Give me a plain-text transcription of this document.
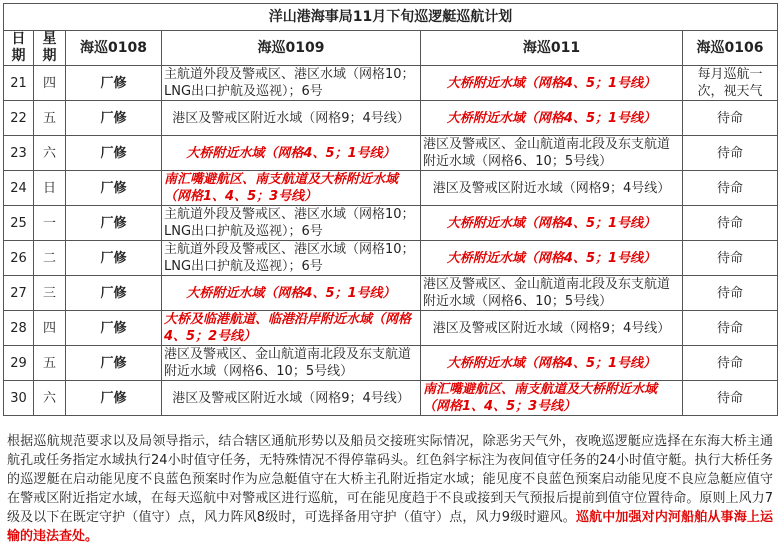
洋山港海事局11月下旬巡逻艇巡航计划					
日期	星期	海巡0108	海巡0109	海巡011	海巡0106
21	四	厂修	主航道外段及警戒区、港区水域（网格10；LNG出口护航及巡视）；6号	大桥附近水域（网格4、5；1号线）	每月巡航一次，视天气
22	五	厂修	港区及警戒区附近水域（网格9；4号线）	大桥附近水域（网格4、5；1号线）	待命
23	六	厂修	大桥附近水域（网格4、5；1号线）	港区及警戒区、金山航道南北段及东支航道附近水域（网格6、10；5号线）	待命
24	日	厂修	南汇嘴避航区、南支航道及大桥附近水域（网格1、4、5；3号线）	港区及警戒区附近水域（网格9；4号线）	待命
25	一	厂修	主航道外段及警戒区、港区水域（网格10；LNG出口护航及巡视）；6号	大桥附近水域（网格4、5；1号线）	待命
26	二	厂修	主航道外段及警戒区、港区水域（网格10；LNG出口护航及巡视）；6号	大桥附近水域（网格4、5；1号线）	待命
27	三	厂修	大桥附近水域（网格4、5；1号线）	港区及警戒区、金山航道南北段及东支航道附近水域（网格6、10；5号线）	待命
28	四	厂修	大桥及临港航道、临港沿岸附近水域（网格4、5；2号线）	港区及警戒区附近水域（网格9；4号线）	待命
29	五	厂修	港区及警戒区、金山航道南北段及东支航道附近水域（网格6、10；5号线）	大桥附近水域（网格4、5；1号线）	待命
30	六	厂修	港区及警戒区附近水域（网格9；4号线）	南汇嘴避航区、南支航道及大桥附近水域（网格1、4、5；3号线）	待命
根据巡航规范要求以及局领导指示，结合辖区通航形势以及船员交接班实际情况，除恶劣天气外，夜晚巡逻艇应选择在东海大桥主通航孔或任务指定水域执行24小时值守任务，无特殊情况不得停靠码头。红色斜字标注为夜间值守任务的24小时值守艇。执行大桥任务的巡逻艇在启动能见度不良蓝色预案时作为应急艇值守在大桥主孔附近指定水域；能见度不良蓝色预案启动能见度不良应急艇应值守在警戒区附近指定水域，在每天巡航中对警戒区进行巡航，可在能见度趋于不良或接到天气预报后提前到值守位置待命。原则上风力7级及以下在既定守护（值守）点，风力阵风8级时，可选择备用守护（值守）点，风力9级时避风。巡航中加强对内河船舶从事海上运输的违法查处。
